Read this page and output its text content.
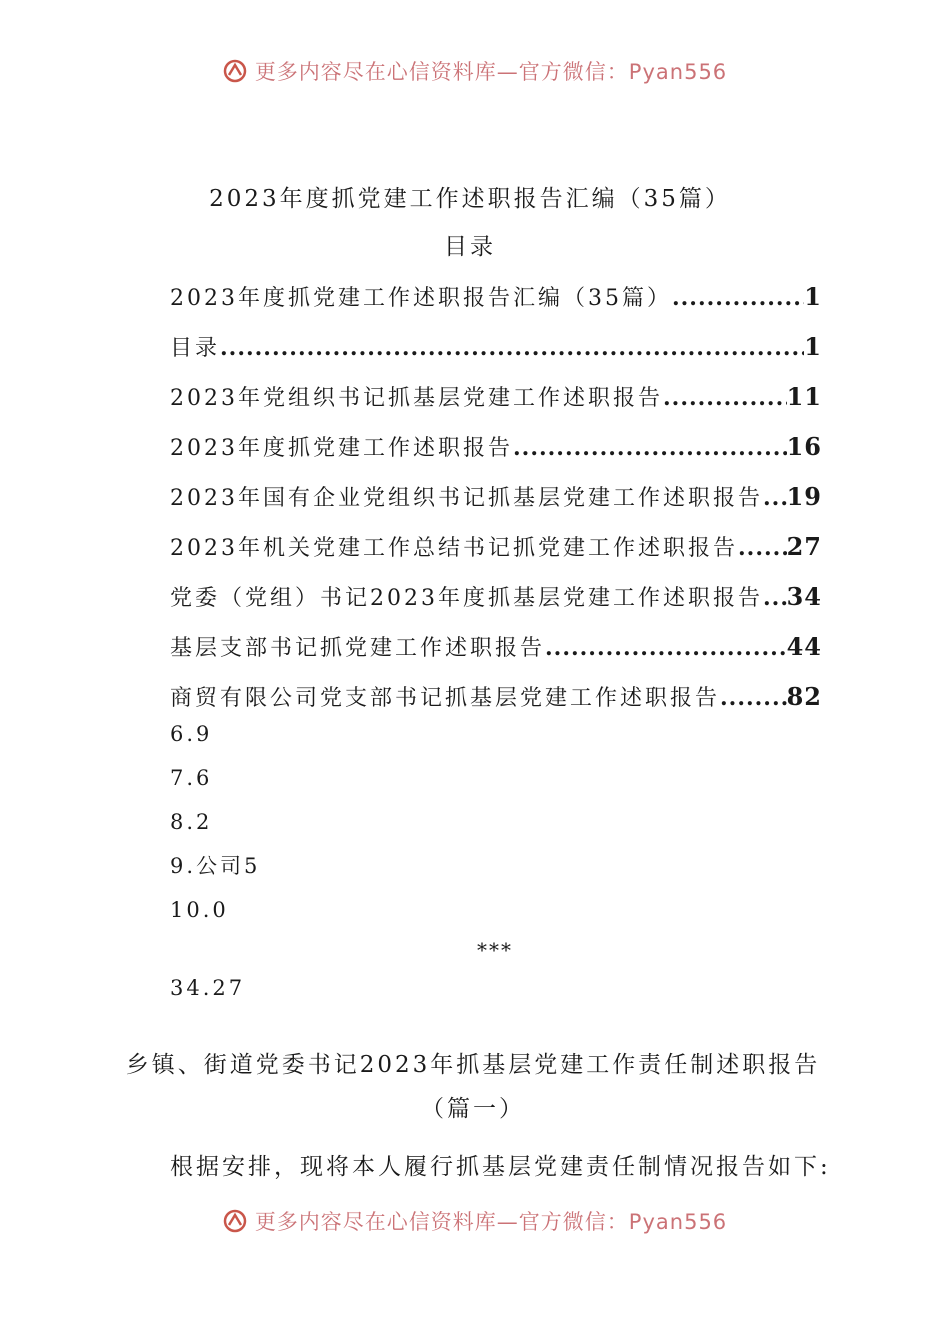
更多内容尽在心信资料库—官方微信：Pyan556
2023年度抓党建工作述职报告汇编（35篇）
目录
2023年度抓党建工作述职报告汇编（35篇） .....	1
目录 .....	1
2023年党组织书记抓基层党建工作述职报告 .....	11
2023年度抓党建工作述职报告 .....	16
2023年国有企业党组织书记抓基层党建工作述职报告 ..... 19
2023年机关党建工作总结书记抓党建工作述职报告 ..... 27
党委（党组）书记2023年度抓基层党建工作述职报告 ..... 34
基层支部书记抓党建工作述职报告 .....	44
商贸有限公司党支部书记抓基层党建工作述职报告 .....	82
6.9
7.6
8.2
9.公司5
10.0
***
34.27
乡镇、街道党委书记2023年抓基层党建工作责任制述职报告
（篇一）
根据安排，现将本人履行抓基层党建责任制情况报告如下:
更多内容尽在心信资料库—官方微信：Pyan556
